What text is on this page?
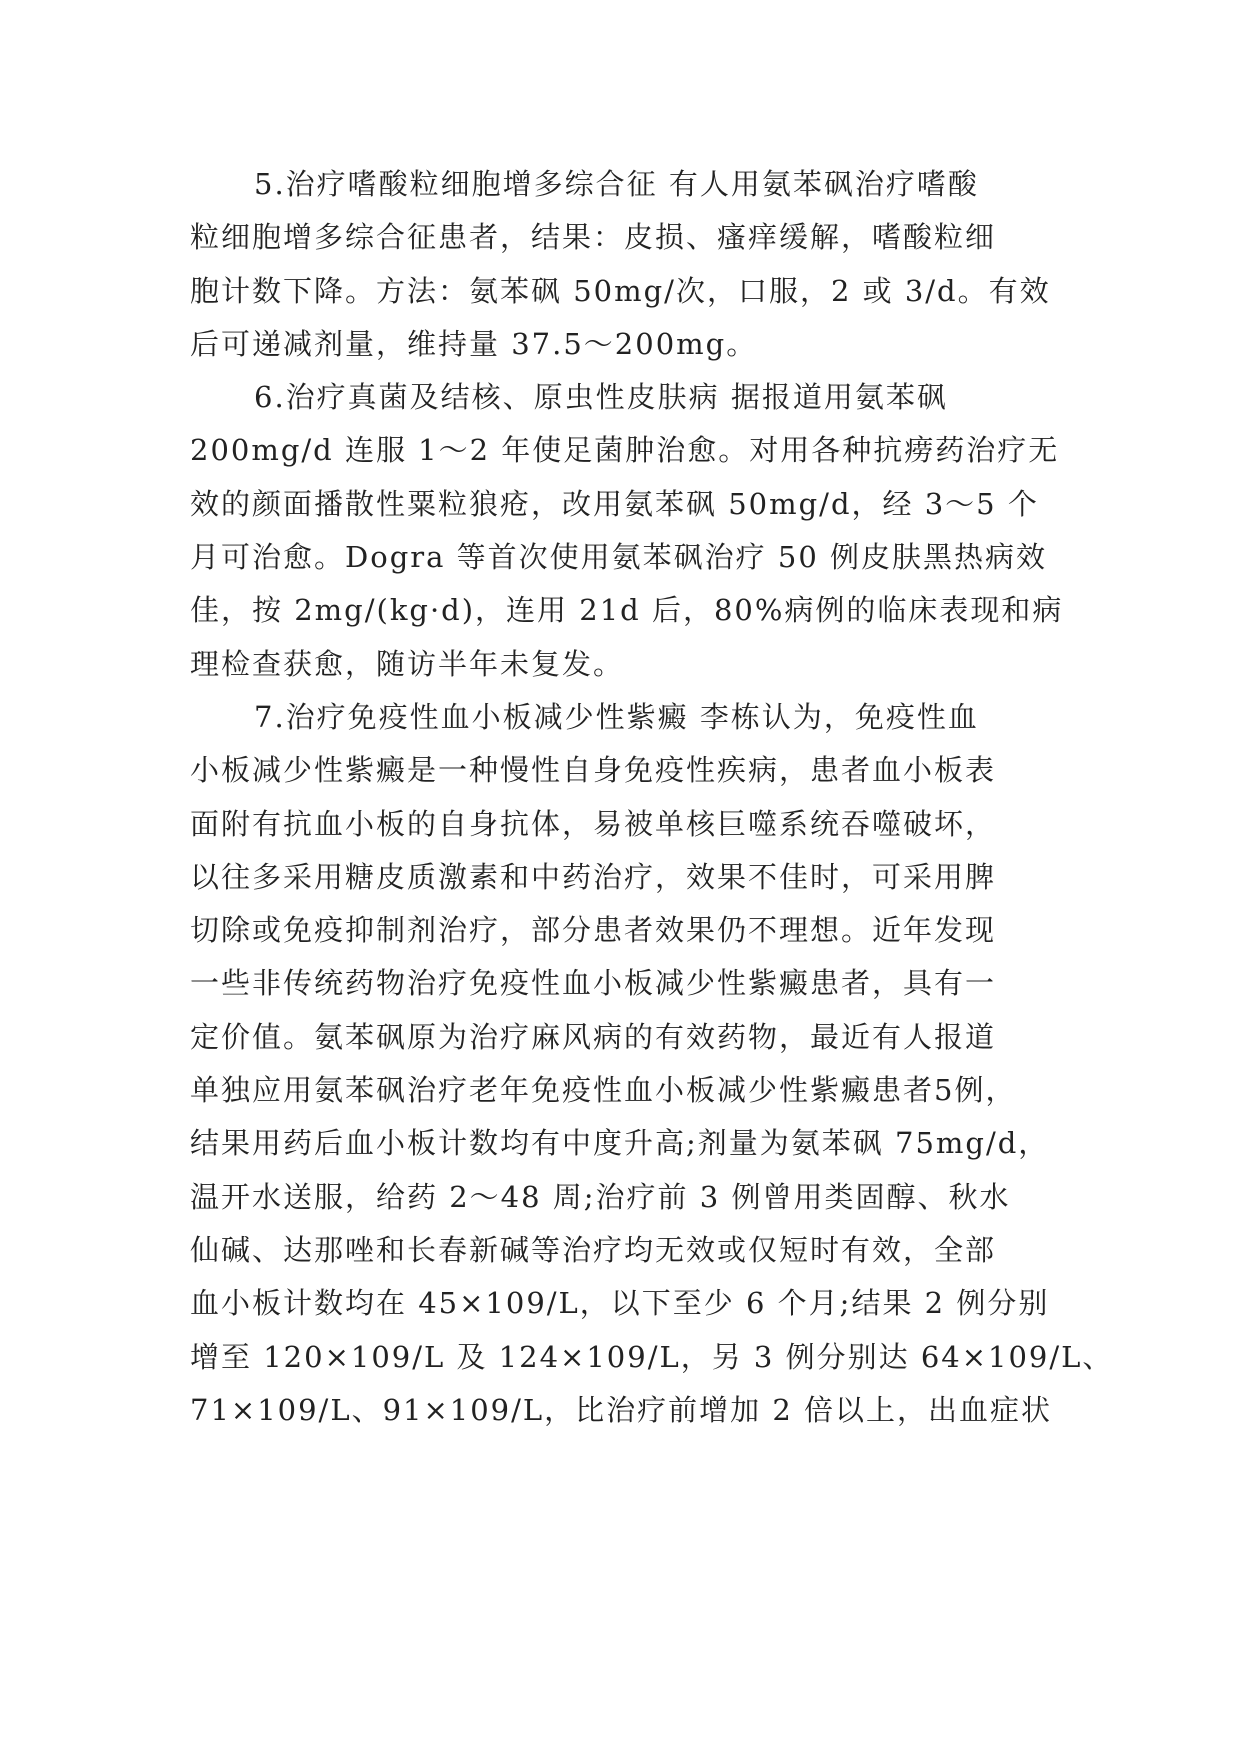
5.治疗嗜酸粒细胞增多综合征 有人用氨苯砜治疗嗜酸
粒细胞增多综合征患者，结果：皮损、瘙痒缓解，嗜酸粒细
胞计数下降。方法：氨苯砜 50mg/次，口服，2 或 3/d。有效
后可递减剂量，维持量 37.5～200mg。
6.治疗真菌及结核、原虫性皮肤病 据报道用氨苯砜
200mg/d 连服 1～2 年使足菌肿治愈。对用各种抗痨药治疗无
效的颜面播散性粟粒狼疮，改用氨苯砜 50mg/d，经 3～5 个
月可治愈。Dogra 等首次使用氨苯砜治疗 50 例皮肤黑热病效
佳，按 2mg/(kg·d)，连用 21d 后，80%病例的临床表现和病
理检查获愈，随访半年未复发。
7.治疗免疫性血小板减少性紫癜 李栋认为，免疫性血
小板减少性紫癜是一种慢性自身免疫性疾病，患者血小板表
面附有抗血小板的自身抗体，易被单核巨噬系统吞噬破坏，
以往多采用糖皮质激素和中药治疗，效果不佳时，可采用脾
切除或免疫抑制剂治疗，部分患者效果仍不理想。近年发现
一些非传统药物治疗免疫性血小板减少性紫癜患者，具有一
定价值。氨苯砜原为治疗麻风病的有效药物，最近有人报道
单独应用氨苯砜治疗老年免疫性血小板减少性紫癜患者5例，
结果用药后血小板计数均有中度升高;剂量为氨苯砜 75mg/d，
温开水送服，给药 2～48 周;治疗前 3 例曾用类固醇、秋水
仙碱、达那唑和长春新碱等治疗均无效或仅短时有效，全部
血小板计数均在 45×109/L，以下至少 6 个月;结果 2 例分别
增至 120×109/L 及 124×109/L，另 3 例分别达 64×109/L、
71×109/L、91×109/L，比治疗前增加 2 倍以上，出血症状
